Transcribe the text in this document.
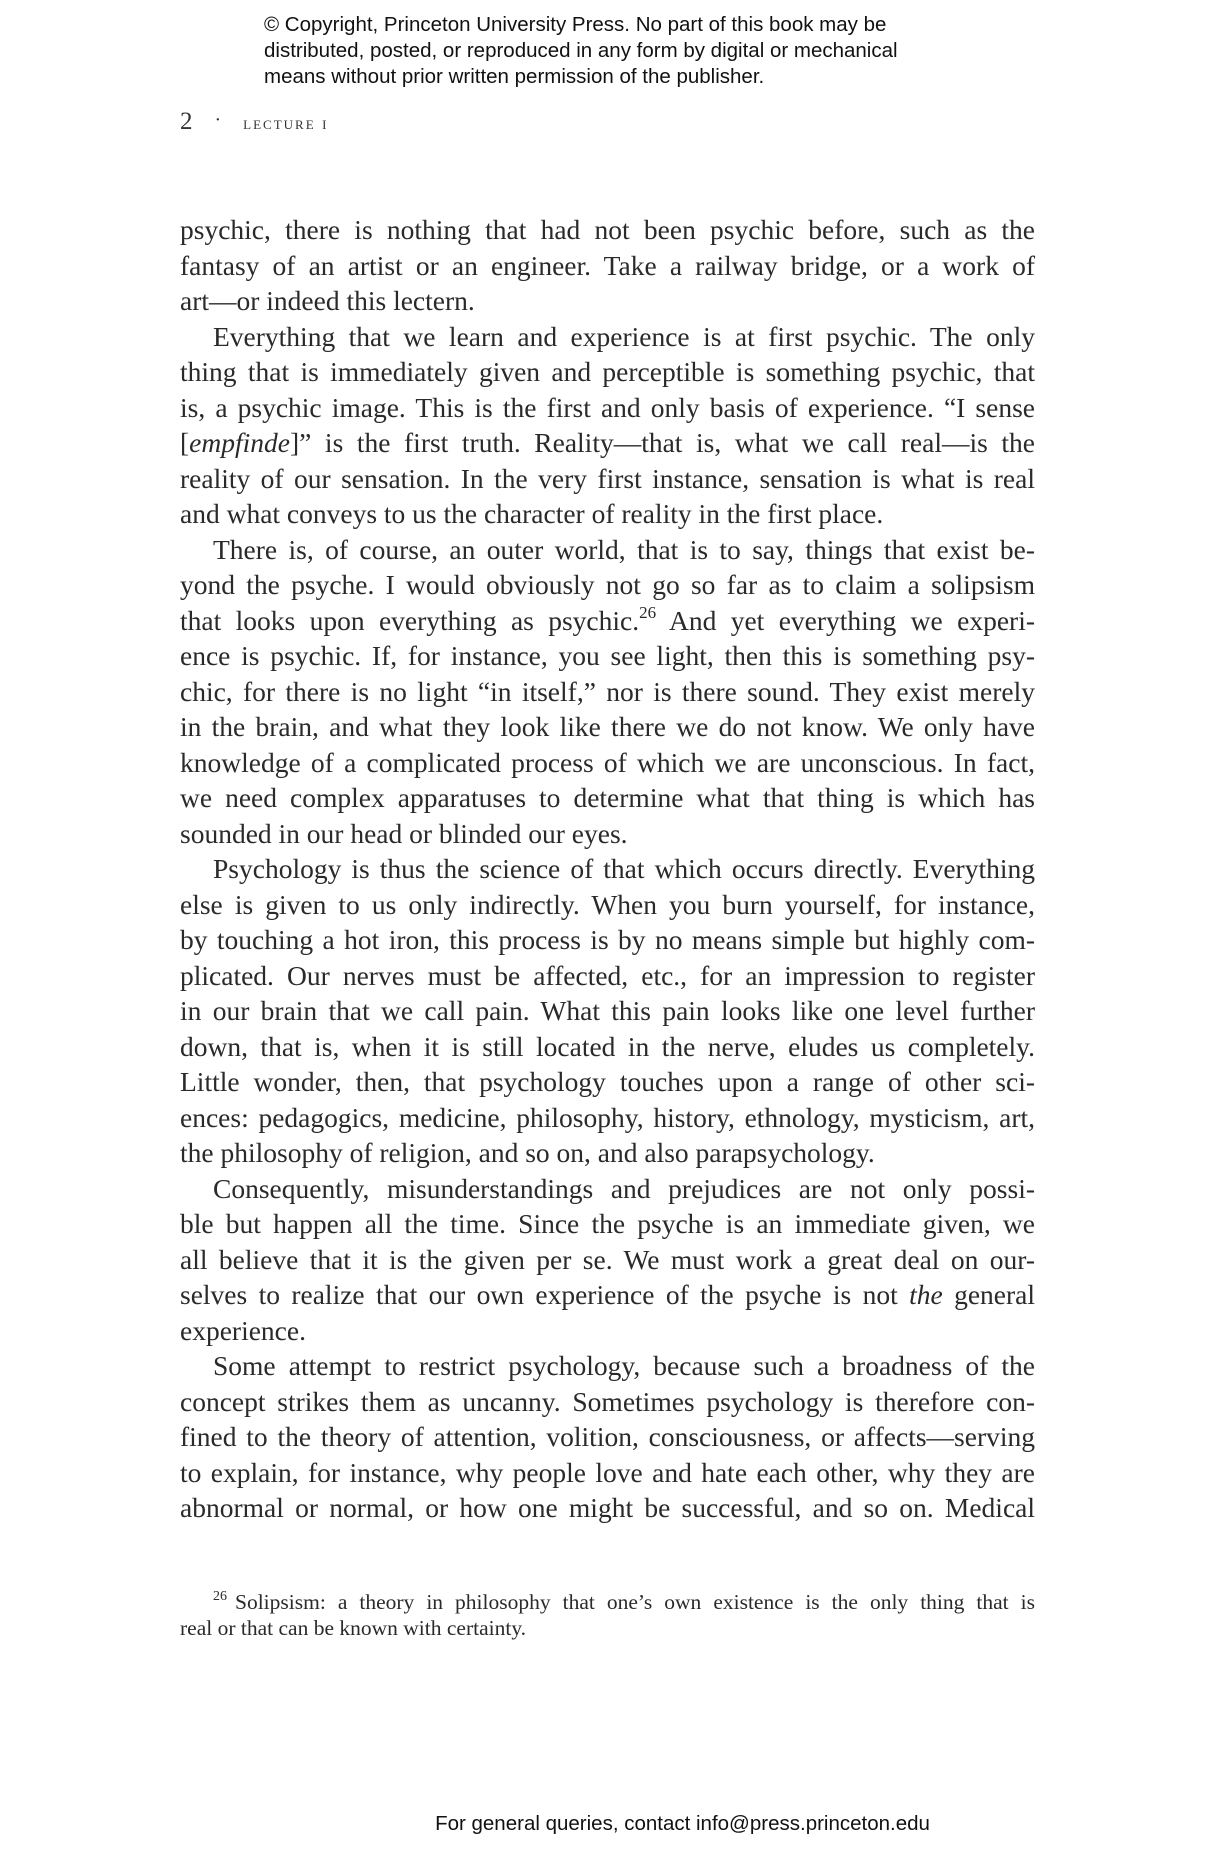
© Copyright, Princeton University Press. No part of this book may be
distributed, posted, or reproduced in any form by digital or mechanical
means without prior written permission of the publisher.
2 · lecture i

psychic, there is nothing that had not been psychic before, such as the
fantasy of an artist or an engineer. Take a railway bridge, or a work of
art—or indeed this lectern.

Everything that we learn and experience is at first psychic. The only
thing that is immediately given and perceptible is something psychic, that
is, a psychic image. This is the first and only basis of experience. “I sense
[empfinde]” is the first truth. Reality—that is, what we call real—is the
reality of our sensation. In the very first instance, sensation is what is real
and what conveys to us the character of reality in the first place.

There is, of course, an outer world, that is to say, things that exist be-
yond the psyche. I would obviously not go so far as to claim a solipsism
that looks upon everything as psychic.$^{26}$ And yet everything we experi-
ence is psychic. If, for instance, you see light, then this is something psy-
chic, for there is no light “in itself,” nor is there sound. They exist merely
in the brain, and what they look like there we do not know. We only have
knowledge of a complicated process of which we are unconscious. In fact,
we need complex apparatuses to determine what that thing is which has
sounded in our head or blinded our eyes.

Psychology is thus the science of that which occurs directly. Everything
else is given to us only indirectly. When you burn yourself, for instance,
by touching a hot iron, this process is by no means simple but highly com-
plicated. Our nerves must be affected, etc., for an impression to register
in our brain that we call pain. What this pain looks like one level further
down, that is, when it is still located in the nerve, eludes us completely.
Little wonder, then, that psychology touches upon a range of other sci-
ences: pedagogics, medicine, philosophy, history, ethnology, mysticism, art,
the philosophy of religion, and so on, and also parapsychology.

Consequently, misunderstandings and prejudices are not only possi-
ble but happen all the time. Since the psyche is an immediate given, we
all believe that it is the given per se. We must work a great deal on our-
selves to realize that our own experience of the psyche is not the general
experience.

Some attempt to restrict psychology, because such a broadness of the
concept strikes them as uncanny. Sometimes psychology is therefore con-
fined to the theory of attention, volition, consciousness, or affects—serving
to explain, for instance, why people love and hate each other, why they are
abnormal or normal, or how one might be successful, and so on. Medical

$^{26}$ Solipsism: a theory in philosophy that one’s own existence is the only thing that is
real or that can be known with certainty.
For general queries, contact info@press.princeton.edu
